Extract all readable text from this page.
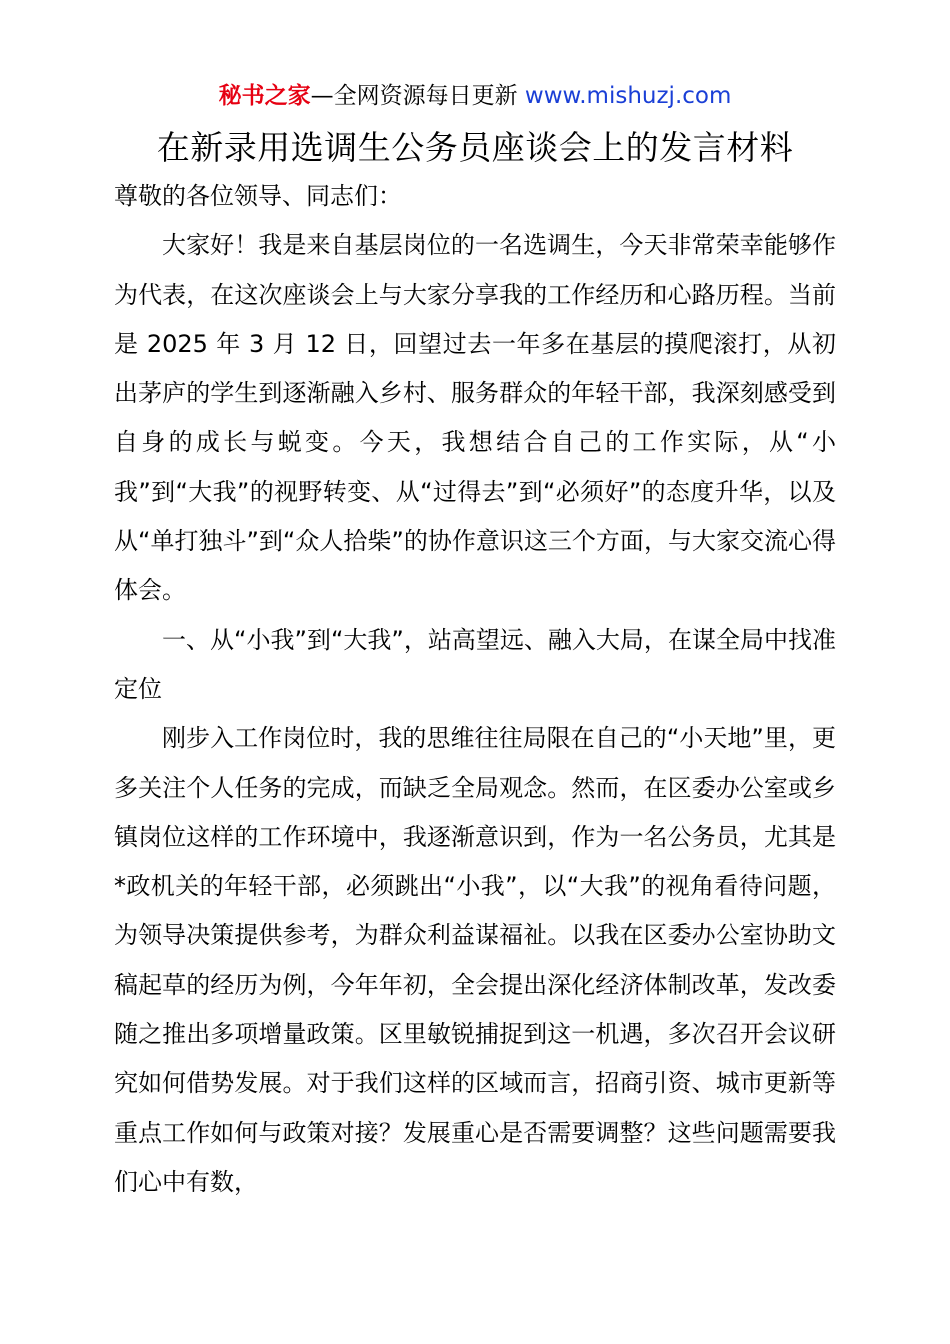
秘书之家—全网资源每日更新 www.mishuzj.com
在新录用选调生公务员座谈会上的发言材料

尊敬的各位领导、同志们：

大家好！我是来自基层岗位的一名选调生，今天非常荣幸能够作为代表，在这次座谈会上与大家分享我的工作经历和心路历程。当前是 2025 年 3 月 12 日，回望过去一年多在基层的摸爬滚打，从初出茅庐的学生到逐渐融入乡村、服务群众的年轻干部，我深刻感受到自身的成长与蜕变。今天，我想结合自己的工作实际，从“小我”到“大我”的视野转变、从“过得去”到“必须好”的态度升华，以及从“单打独斗”到“众人拾柴”的协作意识这三个方面，与大家交流心得体会。

一、从“小我”到“大我”，站高望远、融入大局，在谋全局中找准定位

刚步入工作岗位时，我的思维往往局限在自己的“小天地”里，更多关注个人任务的完成，而缺乏全局观念。然而，在区委办公室或乡镇岗位这样的工作环境中，我逐渐意识到，作为一名公务员，尤其是*政机关的年轻干部，必须跳出“小我”，以“大我”的视角看待问题，为领导决策提供参考，为群众利益谋福祉。以我在区委办公室协助文稿起草的经历为例，今年年初，全会提出深化经济体制改革，发改委随之推出多项增量政策。区里敏锐捕捉到这一机遇，多次召开会议研究如何借势发展。对于我们这样的区域而言，招商引资、城市更新等重点工作如何与政策对接？发展重心是否需要调整？这些问题需要我们心中有数，
